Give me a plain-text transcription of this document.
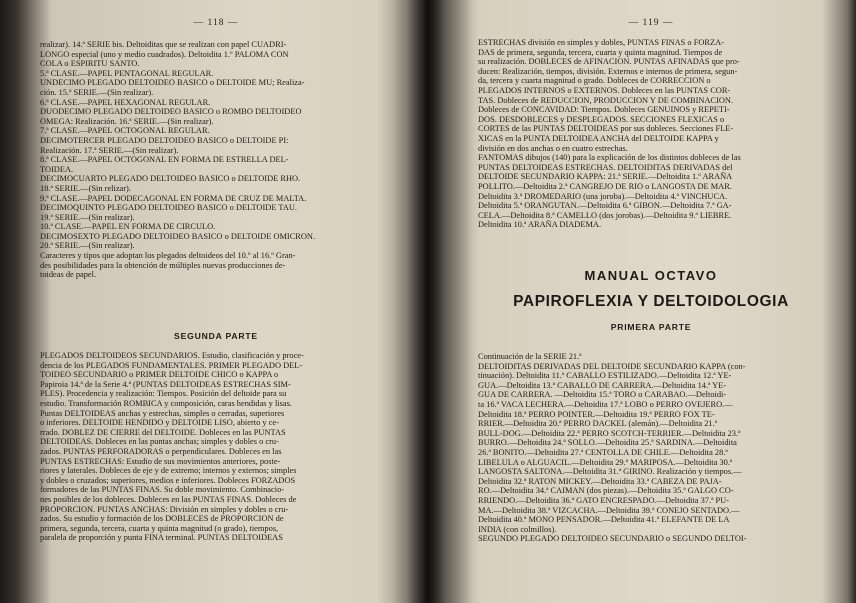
— 118 —

realizar). 14.ª SERIE bis. Deltoiditas que se realizan con papel CUADRI-

LONGO especial (uno y medio cuadrados). Deltoidita 1.º PALOMA CON

COLA o ESPIRITU SANTO.

5.ª CLASE.—PAPEL PENTAGONAL REGULAR.

UNDECIMO PLEGADO DELTOIDEO BASICO o DELTOIDE MU; Realiza-

ción. 15.ª SERIE.—(Sin realizar).

6.ª CLASE.—PAPEL HEXAGONAL REGULAR.

DUODECIMO PLEGADO DELTOIDEO BASICO o ROMBO DELTOIDEO

OMEGA: Realización. 16.ª SERIE.—(Sin realizar).

7.ª CLASE.—PAPEL OCTOGONAL REGULAR.

DECIMOTERCER PLEGADO DELTOIDEO BASICO o DELTOIDE PI:

Realización. 17.ª SERIE.—(Sin realizar).

8.ª CLASE.—PAPEL OCTOGONAL EN FORMA DE ESTRELLA DEL-

TOIDEA.

DECIMOCUARTO PLEGADO DELTOIDEO BASICO o DELTOIDE RHO.

18.ª SERIE.—(Sin relizar).

9.ª CLASE.—PAPEL DODECAGONAL EN FORMA DE CRUZ DE MALTA.

DECIMOQUINTO PLEGADO DELTOIDEO BASICO o DELTOIDE TAU.

19.ª SERIE.—(Sin realizar).

10.ª CLASE.—PAPEL EN FORMA DE CIRCULO.

DECIMOSEXTO PLEGADO DELTOIDEO BASICO o DELTOIDE OMICRON.

20.ª SERIE.—(Sin realizar).

Caracteres y tipos que adoptan los plegados deltoideos del 10.º al 16.º Gran-

des posibilidades para la obtención de múltiples nuevas producciones de-

toideas de papel.

SEGUNDA PARTE

PLEGADOS DELTOIDEOS SECUNDARIOS. Estudio, clasificación y proce-

dencia de los PLEGADOS FUNDAMENTALES. PRIMER PLEGADO DEL-

TOIDEO SECUNDARIO o PRIMER DELTOIDE CHICO o KAPPA o

Papiroia 14.ª de la Serie 4.ª (PUNTAS DELTOIDEAS ESTRECHAS SIM-

PLES). Procedencia y realización: Tiempos. Posición del deltoide para su

estudio. Transformación ROMBICA y composición, caras hendidas y lisas.

Puntas DELTOIDEAS anchas y estrechas, simples o cerradas, superiores

o inferiores. DELTOIDE HENDIDO y DELTOIDE LISO, abierto y ce-

rrado. DOBLEZ DE CIERRE del DELTOIDE. Dobleces en las PUNTAS

DELTOIDEAS. Dobleces en las puntas anchas; simples y dobles o cru-

zados. PUNTAS PERFORADORAS o perpendiculares. Dobleces en las

PUNTAS ESTRECHAS: Estudio de sus movimientos anteriores, poste-

riores y laterales. Dobleces de eje y de extremo; internos y externos; simples

y dobles o cruzados; superiores, medios e inferiores. Dobleces FORZADOS

formadores de las PUNTAS FINAS. Su doble movimiento. Combinacio-

nes posibles de los dobleces. Dobleces en las PUNTAS FINAS. Dobleces de

PROPORCION. PUNTAS ANCHAS: División en simples y dobles o cru-

zados. Su estudio y formación de los DOBLECES de PROPORCION de

primera, segunda, tercera, cuarta y quinta magnitud (o grado), tiempos,

paralela de proporción y punta FINA terminal. PUNTAS DELTOIDEAS

— 119 —

ESTRECHAS división en simples y dobles, PUNTAS FINAS o FORZA-

DAS de primera, segunda, tercera, cuarta y quinta magnitud. Tiempos de

su realización. DOBLECES de AFINACION. PUNTAS AFINADAS que pro-

ducen: Realización, tiempos, división. Externos e internos de primera, segun-

da, tercera y cuarta magnitud o grado. Dobleces de CORRECCION o

PLEGADOS INTERNOS o EXTERNOS. Dobleces en las PUNTAS COR-

TAS. Dobleces de REDUCCION, PRODUCCION Y DE COMBINACION.

Dobleces de CONCAVIDAD: Tiempos. Dobleces GENUINOS y REPETI-

DOS. DESDOBLECES y DESPLEGADOS. SECCIONES FLEXICAS o

CORTES de las PUNTAS DELTOIDEAS por sus dobleces. Secciones FLE-

XICAS en la PUNTA DELTOIDEA ANCHA del DELTOIDE KAPPA y

división en dos anchas o en cuatro estrechas.

FANTOMAS dibujos (140) para la explicación de los distintos dobleces de las

PUNTAS DELTOIDEAS ESTRECHAS. DELTOIDITAS DERIVADAS del

DELTOIDE SECUNDARIO KAPPA: 21.ª SERIE.—Deltoidita 1.º ARAÑA

POLLITO.—Deltoidita 2.ª CANGREJO DE RIO o LANGOSTA DE MAR.

Deltoidita 3.ª DROMEDARIO (una joroba).—Deltoidita 4.ª VINCHUCA.

Deltoidita 5.ª ORANGUTAN.—Deltoidita 6.ª GIBON.—Deltoidita 7.ª GA-

CELA.—Deltoidita 8.ª CAMELLO (dos jorobas).—Deltoidita 9.ª LIEBRE.

Deltoidita 10.ª ARAÑA DIADEMA.

MANUAL OCTAVO
PAPIROFLEXIA Y DELTOIDOLOGIA
PRIMERA PARTE

Continuación de la SERIE 21.ª

DELTOIDITAS DERIVADAS DEL DELTOIDE SECUNDARIO KAPPA (con-

tinuación). Deltoidita 11.ª CABALLO ESTILIZADO.—Deltoidita 12.ª YE-

GUA.—Deltoidita 13.ª CABALLO DE CARRERA.—Deltoidita 14.ª YE-

GUA DE CARRERA. —Deltoidita 15.ª TORO o CARABAO.—Deltoidi-

ta 16.ª VACA LECHERA.—Deltoidita 17.ª LOBO o PERRO OVEJERO.—

Deltoidita 18.ª PERRO POINTER.—Deltoidita 19.ª PERRO FOX TE-

RRIER.—Deltoidita 20.ª PERRO DACKEL (alemán).—Deltoidita 21.ª

BULL-DOG.—Deltoidita 22.ª PERRO SCOTCH-TERRIER.—Deltoidita 23.ª

BURRO.—Deltoidita 24.ª SOLLO.—Deltoidita 25.ª SARDINA.—Deltoidita

26.ª BONITO.—Deltoidita 27.ª CENTOLLA DE CHILE.—Deltoidita 28.ª

LIBELULA o ALGUACIL.—Deltoidita 29.ª MARIPOSA.—Deltoidita 30.ª

LANGOSTA SALTONA.—Deltoidita 31.ª GIRINO. Realización y tiempos.—

Deltoidita 32.ª RATON MICKEY.—Deltoidita 33.ª CABEZA DE PAJA-

RO.—Deltoidita 34.ª CAIMAN (dos piezas).—Deltoidita 35.ª GALGO CO-

RRIENDO.—Deltoidita 36.ª GATO ENCRESPADO.—Deltoidita 37.ª PU-

MA.—Deltoidita 38.ª VIZCACHA.—Deltoidita 39.ª CONEJO SENTADO.—

Deltoidita 40.ª MONO PENSADOR.—Deltoidita 41.ª ELEFANTE DE LA

INDIA (con colmillos).

SEGUNDO PLEGADO DELTOIDEO SECUNDARIO o SEGUNDO DELTOI-
